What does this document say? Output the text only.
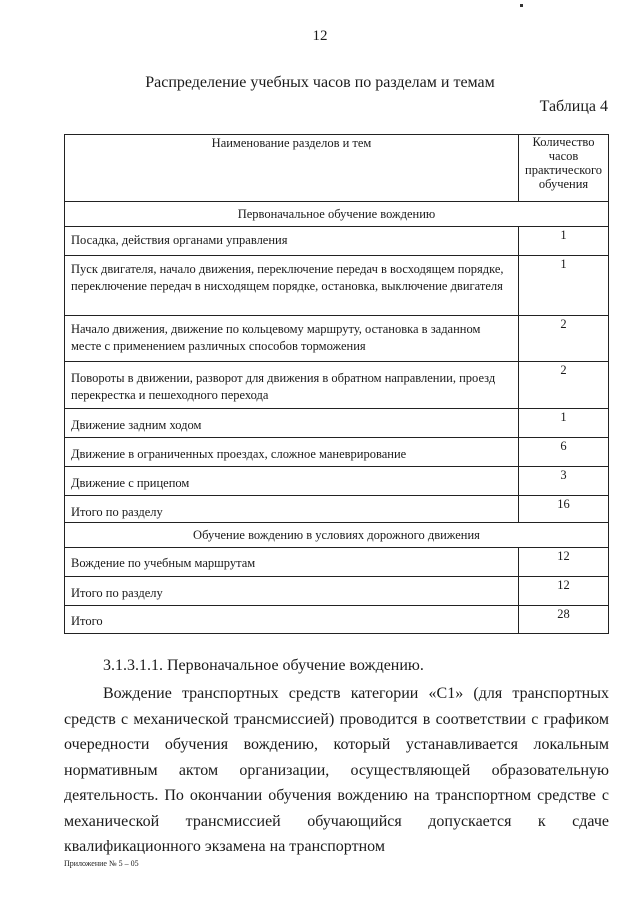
12
Распределение учебных часов по разделам и темам
Таблица 4
Наименование разделов и тем	Количество часов практического обучения
Первоначальное обучение вождению	
Посадка, действия органами управления	1
Пуск двигателя, начало движения, переключение передач в восходящем порядке, переключение передач в нисходящем порядке, остановка, выключение двигателя	1
Начало движения, движение по кольцевому маршруту, остановка в заданном месте с применением различных способов торможения	2
Повороты в движении, разворот для движения в обратном направлении, проезд перекрестка и пешеходного перехода	2
Движение задним ходом	1
Движение в ограниченных проездах, сложное маневрирование	6
Движение с прицепом	3
Итого по разделу	16
Обучение вождению в условиях дорожного движения	
Вождение по учебным маршрутам	12
Итого по разделу	12
Итого	28
3.1.3.1.1. Первоначальное обучение вождению.
Вождение транспортных средств категории «С1» (для транспортных средств с механической трансмиссией) проводится в соответствии с графиком очередности обучения вождению, который устанавливается локальным нормативным актом организации, осуществляющей образовательную деятельность. По окончании обучения вождению на транспортном средстве с механической трансмиссией обучающийся допускается к сдаче квалификационного экзамена на транспортном
Приложение № 5 – 05
